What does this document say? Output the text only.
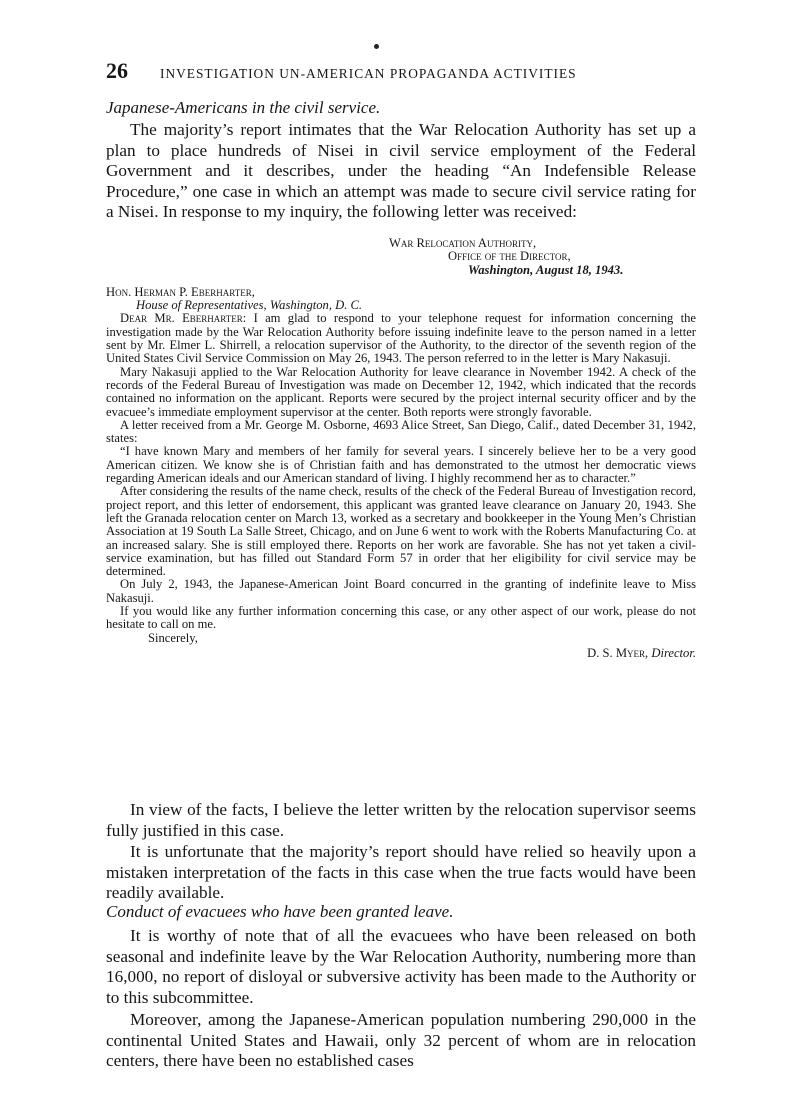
26 INVESTIGATION UN-AMERICAN PROPAGANDA ACTIVITIES
Japanese-Americans in the civil service.

The majority’s report intimates that the War Relocation Authority has set up a plan to place hundreds of Nisei in civil service employment of the Federal Government and it describes, under the heading “An Indefensible Release Procedure,” one case in which an attempt was made to secure civil service rating for a Nisei. In response to my inquiry, the following letter was received:

War Relocation Authority,
Office of the Director,
Washington, August 18, 1943.
Hon. Herman P. Eberharter,
House of Representatives, Washington, D. C.

Dear Mr. Eberharter: I am glad to respond to your telephone request for information concerning the investigation made by the War Relocation Authority before issuing indefinite leave to the person named in a letter sent by Mr. Elmer L. Shirrell, a relocation supervisor of the Authority, to the director of the seventh region of the United States Civil Service Commission on May 26, 1943. The person referred to in the letter is Mary Nakasuji.

Mary Nakasuji applied to the War Relocation Authority for leave clearance in November 1942. A check of the records of the Federal Bureau of Investigation was made on December 12, 1942, which indicated that the records contained no information on the applicant. Reports were secured by the project internal security officer and by the evacuee’s immediate employment supervisor at the center. Both reports were strongly favorable.

A letter received from a Mr. George M. Osborne, 4693 Alice Street, San Diego, Calif., dated December 31, 1942, states:

“I have known Mary and members of her family for several years. I sincerely believe her to be a very good American citizen. We know she is of Christian faith and has demonstrated to the utmost her democratic views regarding American ideals and our American standard of living. I highly recommend her as to character.”

After considering the results of the name check, results of the check of the Federal Bureau of Investigation record, project report, and this letter of endorsement, this applicant was granted leave clearance on January 20, 1943. She left the Granada relocation center on March 13, worked as a secretary and bookkeeper in the Young Men’s Christian Association at 19 South La Salle Street, Chicago, and on June 6 went to work with the Roberts Manufacturing Co. at an increased salary. She is still employed there. Reports on her work are favorable. She has not yet taken a civil-service examination, but has filled out Standard Form 57 in order that her eligibility for civil service may be determined.

On July 2, 1943, the Japanese-American Joint Board concurred in the granting of indefinite leave to Miss Nakasuji.

If you would like any further information concerning this case, or any other aspect of our work, please do not hesitate to call on me.

Sincerely,

D. S. Myer, Director.

In view of the facts, I believe the letter written by the relocation supervisor seems fully justified in this case.

It is unfortunate that the majority’s report should have relied so heavily upon a mistaken interpretation of the facts in this case when the true facts would have been readily available.

Conduct of evacuees who have been granted leave.

It is worthy of note that of all the evacuees who have been released on both seasonal and indefinite leave by the War Relocation Authority, numbering more than 16,000, no report of disloyal or subversive activity has been made to the Authority or to this subcommittee.

Moreover, among the Japanese-American population numbering 290,000 in the continental United States and Hawaii, only 32 percent of whom are in relocation centers, there have been no established cases
